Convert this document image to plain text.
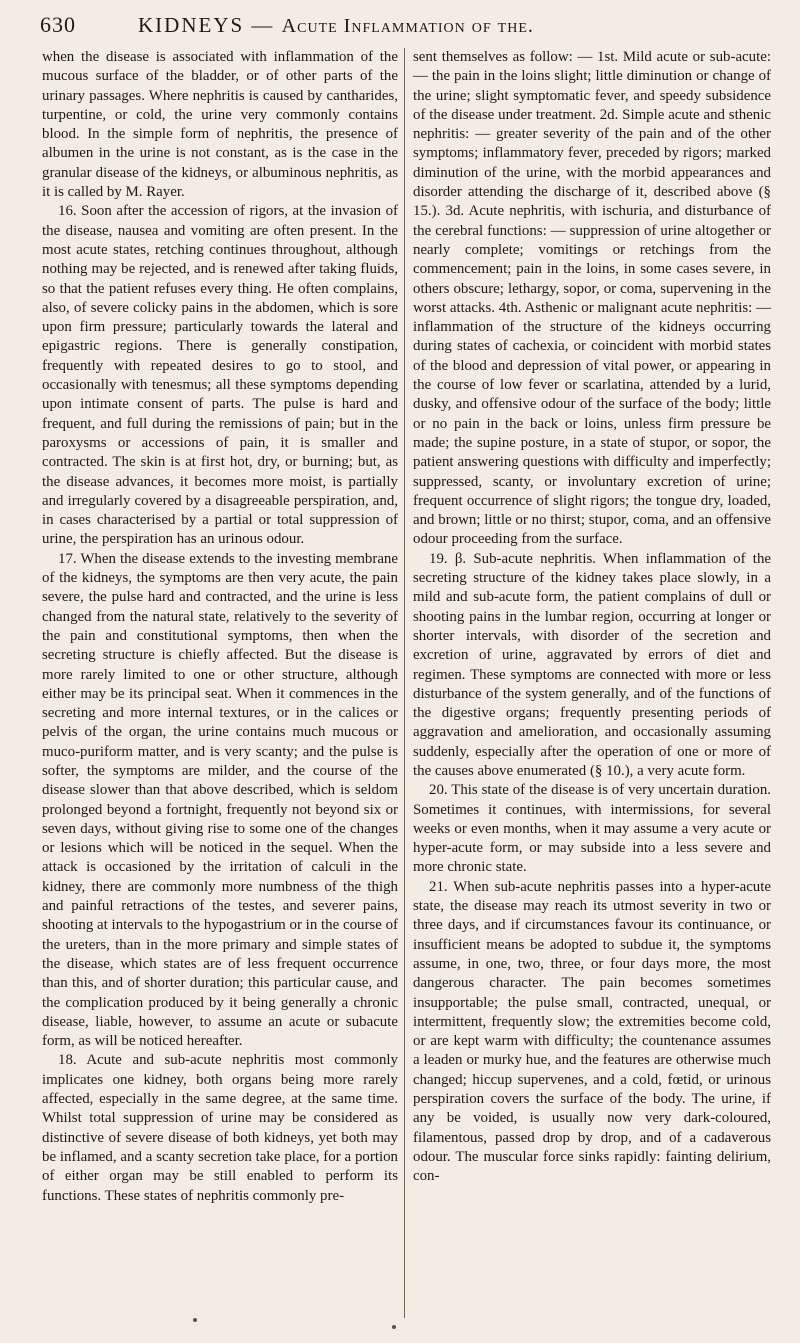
630	KIDNEYS — Acute Inflammation of the.

when the disease is associated with inflammation of the mucous surface of the bladder, or of other parts of the urinary passages. Where nephritis is caused by cantharides, turpentine, or cold, the urine very commonly contains blood. In the simple form of nephritis, the presence of albumen in the urine is not constant, as is the case in the granular disease of the kidneys, or albuminous nephritis, as it is called by M. Rayer.

16. Soon after the accession of rigors, at the invasion of the disease, nausea and vomiting are often present. In the most acute states, retching continues throughout, although nothing may be rejected, and is renewed after taking fluids, so that the patient refuses every thing. He often complains, also, of severe colicky pains in the abdomen, which is sore upon firm pressure; particularly towards the lateral and epigastric regions. There is generally constipation, frequently with repeated desires to go to stool, and occasionally with tenesmus; all these symptoms depending upon intimate consent of parts. The pulse is hard and frequent, and full during the remissions of pain; but in the paroxysms or accessions of pain, it is smaller and contracted. The skin is at first hot, dry, or burning; but, as the disease advances, it becomes more moist, is partially and irregularly covered by a disagreeable perspiration, and, in cases characterised by a partial or total suppression of urine, the perspiration has an urinous odour.

17. When the disease extends to the investing membrane of the kidneys, the symptoms are then very acute, the pain severe, the pulse hard and contracted, and the urine is less changed from the natural state, relatively to the severity of the pain and constitutional symptoms, then when the secreting structure is chiefly affected. But the disease is more rarely limited to one or other structure, although either may be its principal seat. When it commences in the secreting and more internal textures, or in the calices or pelvis of the organ, the urine contains much mucous or muco-puriform matter, and is very scanty; and the pulse is softer, the symptoms are milder, and the course of the disease slower than that above described, which is seldom prolonged beyond a fortnight, frequently not beyond six or seven days, without giving rise to some one of the changes or lesions which will be noticed in the sequel. When the attack is occasioned by the irritation of calculi in the kidney, there are commonly more numbness of the thigh and painful retractions of the testes, and severer pains, shooting at intervals to the hypogastrium or in the course of the ureters, than in the more primary and simple states of the disease, which states are of less frequent occurrence than this, and of shorter duration; this particular cause, and the complication produced by it being generally a chronic disease, liable, however, to assume an acute or subacute form, as will be noticed hereafter.

18. Acute and sub-acute nephritis most commonly implicates one kidney, both organs being more rarely affected, especially in the same degree, at the same time. Whilst total suppression of urine may be considered as distinctive of severe disease of both kidneys, yet both may be inflamed, and a scanty secretion take place, for a portion of either organ may be still enabled to perform its functions. These states of nephritis commonly pre-

sent themselves as follow: — 1st. Mild acute or sub-acute: — the pain in the loins slight; little diminution or change of the urine; slight symptomatic fever, and speedy subsidence of the disease under treatment. 2d. Simple acute and sthenic nephritis: — greater severity of the pain and of the other symptoms; inflammatory fever, preceded by rigors; marked diminution of the urine, with the morbid appearances and disorder attending the discharge of it, described above (§ 15.). 3d. Acute nephritis, with ischuria, and disturbance of the cerebral functions: — suppression of urine altogether or nearly complete; vomitings or retchings from the commencement; pain in the loins, in some cases severe, in others obscure; lethargy, sopor, or coma, supervening in the worst attacks. 4th. Asthenic or malignant acute nephritis: — inflammation of the structure of the kidneys occurring during states of cachexia, or coincident with morbid states of the blood and depression of vital power, or appearing in the course of low fever or scarlatina, attended by a lurid, dusky, and offensive odour of the surface of the body; little or no pain in the back or loins, unless firm pressure be made; the supine posture, in a state of stupor, or sopor, the patient answering questions with difficulty and imperfectly; suppressed, scanty, or involuntary excretion of urine; frequent occurrence of slight rigors; the tongue dry, loaded, and brown; little or no thirst; stupor, coma, and an offensive odour proceeding from the surface.

19. β. Sub-acute nephritis. When inflammation of the secreting structure of the kidney takes place slowly, in a mild and sub-acute form, the patient complains of dull or shooting pains in the lumbar region, occurring at longer or shorter intervals, with disorder of the secretion and excretion of urine, aggravated by errors of diet and regimen. These symptoms are connected with more or less disturbance of the system generally, and of the functions of the digestive organs; frequently presenting periods of aggravation and amelioration, and occasionally assuming suddenly, especially after the operation of one or more of the causes above enumerated (§ 10.), a very acute form.

20. This state of the disease is of very uncertain duration. Sometimes it continues, with intermissions, for several weeks or even months, when it may assume a very acute or hyper-acute form, or may subside into a less severe and more chronic state.

21. When sub-acute nephritis passes into a hyper-acute state, the disease may reach its utmost severity in two or three days, and if circumstances favour its continuance, or insufficient means be adopted to subdue it, the symptoms assume, in one, two, three, or four days more, the most dangerous character. The pain becomes sometimes insupportable; the pulse small, contracted, unequal, or intermittent, frequently slow; the extremities become cold, or are kept warm with difficulty; the countenance assumes a leaden or murky hue, and the features are otherwise much changed; hiccup supervenes, and a cold, fœtid, or urinous perspiration covers the surface of the body. The urine, if any be voided, is usually now very dark-coloured, filamentous, passed drop by drop, and of a cadaverous odour. The muscular force sinks rapidly: fainting delirium, con-
